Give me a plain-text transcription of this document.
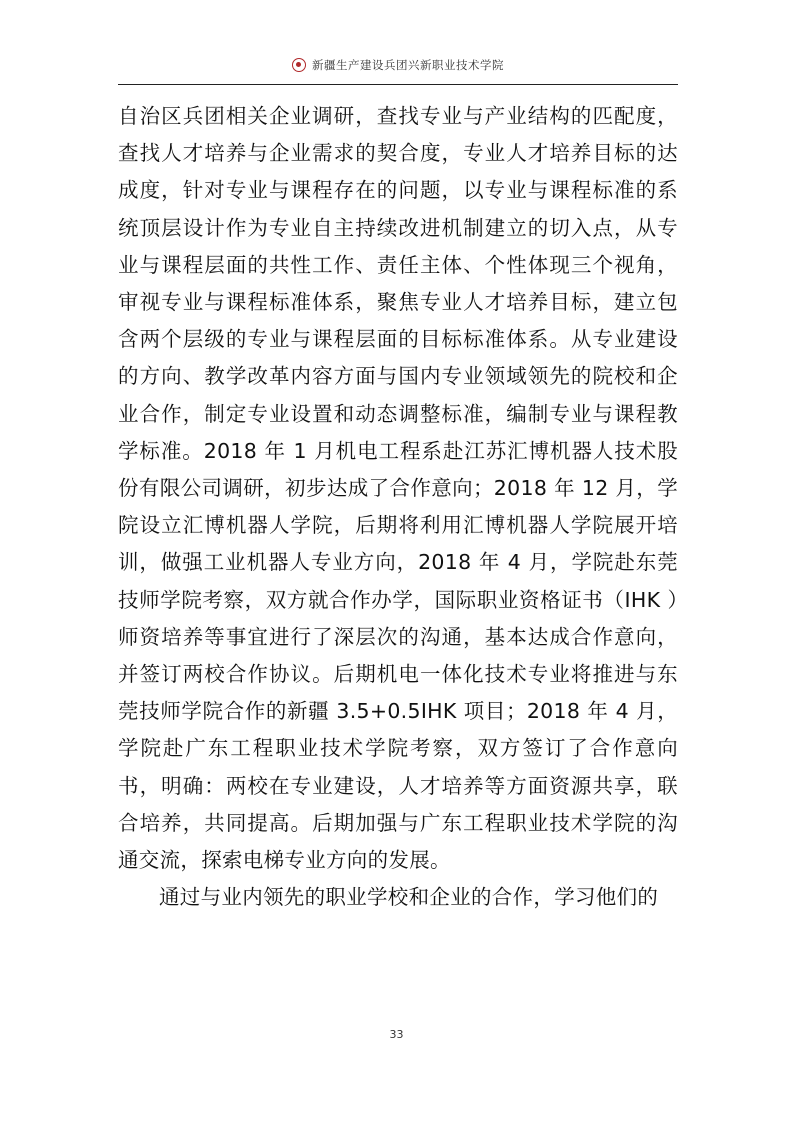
新疆生产建设兵团兴新职业技术学院

自治区兵团相关企业调研，查找专业与产业结构的匹配度，查找人才培养与企业需求的契合度，专业人才培养目标的达成度，针对专业与课程存在的问题，以专业与课程标准的系统顶层设计作为专业自主持续改进机制建立的切入点，从专业与课程层面的共性工作、责任主体、个性体现三个视角，审视专业与课程标准体系，聚焦专业人才培养目标，建立包含两个层级的专业与课程层面的目标标准体系。从专业建设的方向、教学改革内容方面与国内专业领域领先的院校和企业合作，制定专业设置和动态调整标准，编制专业与课程教学标准。2018 年 1 月机电工程系赴江苏汇博机器人技术股份有限公司调研，初步达成了合作意向；2018 年 12 月，学院设立汇博机器人学院，后期将利用汇博机器人学院展开培训，做强工业机器人专业方向，2018 年 4 月，学院赴东莞技师学院考察，双方就合作办学，国际职业资格证书（IHK ）师资培养等事宜进行了深层次的沟通，基本达成合作意向，并签订两校合作协议。后期机电一体化技术专业将推进与东莞技师学院合作的新疆 3.5+0.5IHK 项目；2018 年 4 月，学院赴广东工程职业技术学院考察，双方签订了合作意向书，明确：两校在专业建设，人才培养等方面资源共享，联合培养，共同提高。后期加强与广东工程职业技术学院的沟通交流，探索电梯专业方向的发展。

通过与业内领先的职业学校和企业的合作，学习他们的

33
